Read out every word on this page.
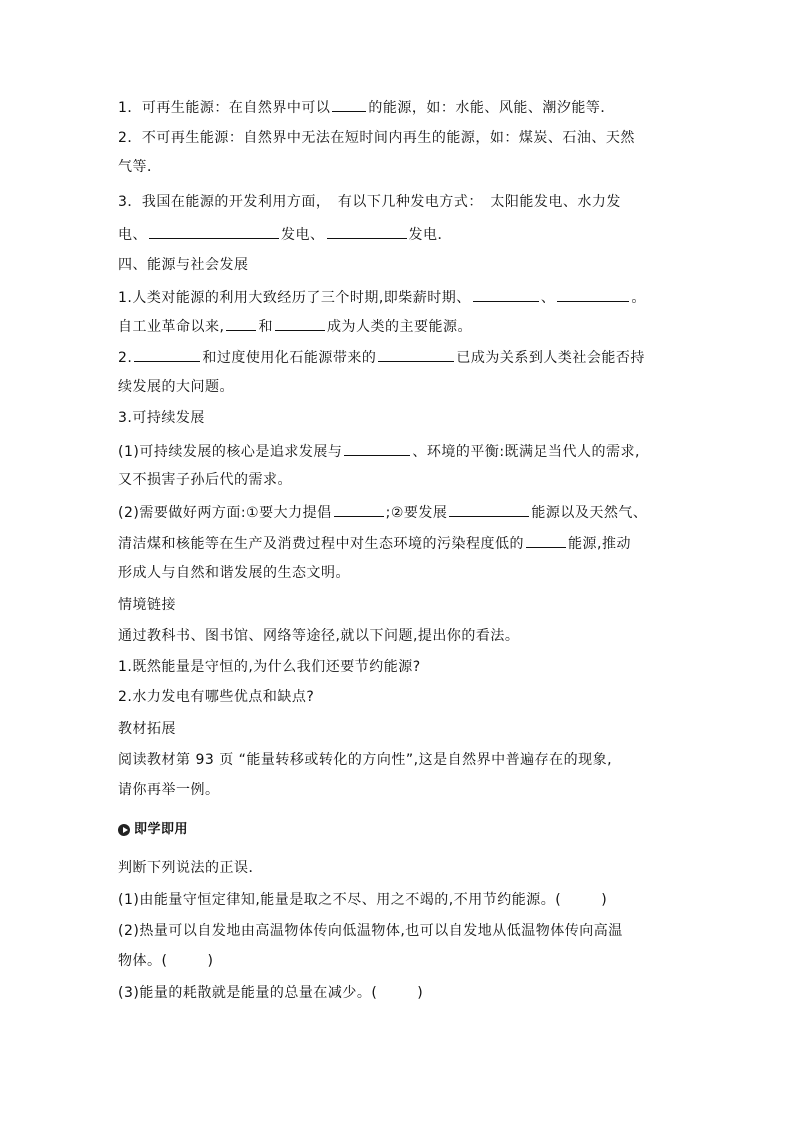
1．可再生能源：在自然界中可以	的能源，如：水能、风能、潮汐能等．
2．不可再生能源：自然界中无法在短时间内再生的能源，如：煤炭、石油、天然
气等．
3．我国在能源的开发利用方面，　有以下几种发电方式：　太阳能发电、水力发
电、	发电、	发电．
四、能源与社会发展
1.人类对能源的利用大致经历了三个时期,即柴薪时期、	、	。
自工业革命以来, 和	成为人类的主要能源。
2.	和过度使用化石能源带来的	已成为关系到人类社会能否持
续发展的大问题。
3.可持续发展
(1)可持续发展的核心是追求发展与	、环境的平衡:既满足当代人的需求,
又不损害子孙后代的需求。
(2)需要做好两方面:①要大力提倡	;②要发展	能源以及天然气、
清洁煤和核能等在生产及消费过程中对生态环境的污染程度低的	能源,推动
形成人与自然和谐发展的生态文明。
情境链接
通过教科书、图书馆、网络等途径,就以下问题,提出你的看法。
1.既然能量是守恒的,为什么我们还要节约能源?
2.水力发电有哪些优点和缺点?
教材拓展
阅读教材第 93 页 “能量转移或转化的方向性”,这是自然界中普遍存在的现象,
请你再举一例。
即学即用
判断下列说法的正误．
(1)由能量守恒定律知,能量是取之不尽、用之不竭的,不用节约能源。(	)
(2)热量可以自发地由高温物体传向低温物体,也可以自发地从低温物体传向高温
物体。(	)
(3)能量的耗散就是能量的总量在减少。(	)
